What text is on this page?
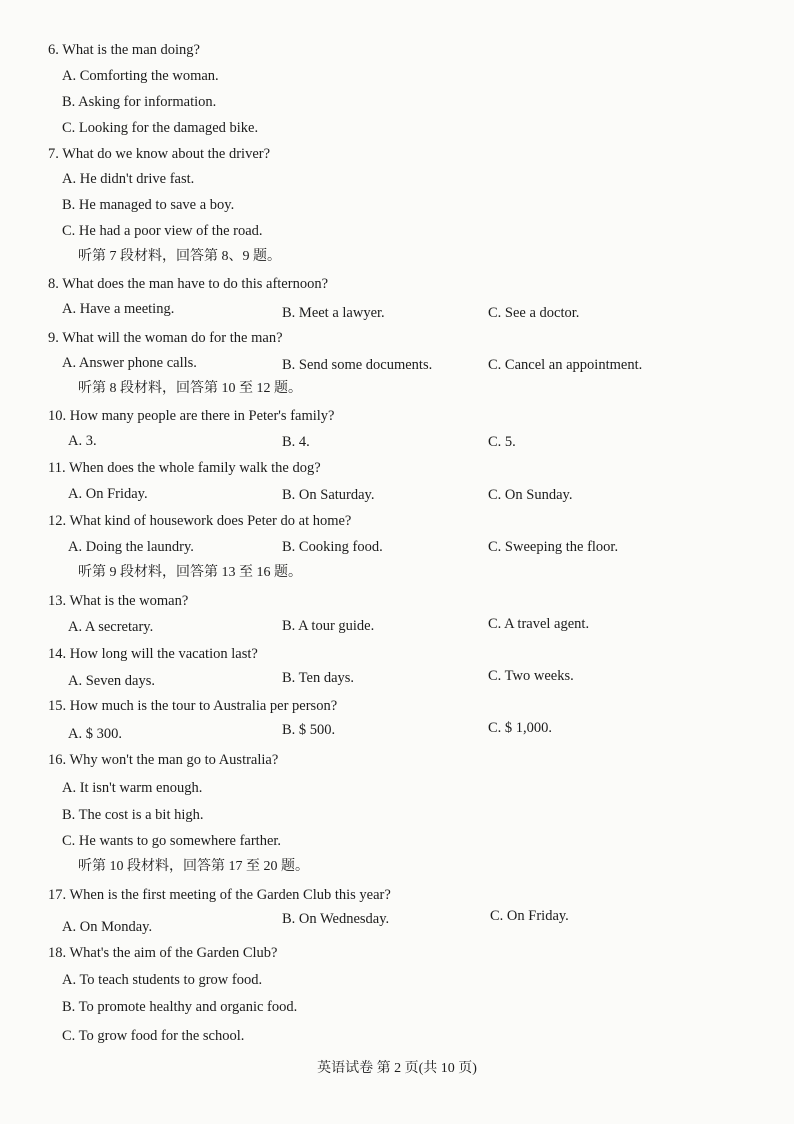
6. What is the man doing?
A. Comforting the woman.
B. Asking for information.
C. Looking for the damaged bike.
7. What do we know about the driver?
A. He didn't drive fast.
B. He managed to save a boy.
C. He had a poor view of the road.
听第 7 段材料，回答第 8、9 题。
8. What does the man have to do this afternoon?
A. Have a meeting.	B. Meet a lawyer.	C. See a doctor.
9. What will the woman do for the man?
A. Answer phone calls.	B. Send some documents.	C. Cancel an appointment.
听第 8 段材料，回答第 10 至 12 题。
10. How many people are there in Peter's family?
A. 3.	B. 4.	C. 5.
11. When does the whole family walk the dog?
A. On Friday.	B. On Saturday.	C. On Sunday.
12. What kind of housework does Peter do at home?
A. Doing the laundry.	B. Cooking food.	C. Sweeping the floor.
听第 9 段材料，回答第 13 至 16 题。
13. What is the woman?
A. A secretary.	B. A tour guide.	C. A travel agent.
14. How long will the vacation last?
A. Seven days.	B. Ten days.	C. Two weeks.
15. How much is the tour to Australia per person?
A. $ 300.	B. $ 500.	C. $ 1,000.
16. Why won't the man go to Australia?
A. It isn't warm enough.
B. The cost is a bit high.
C. He wants to go somewhere farther.
听第 10 段材料，回答第 17 至 20 题。
17. When is the first meeting of the Garden Club this year?
A. On Monday.	B. On Wednesday.	C. On Friday.
18. What's the aim of the Garden Club?
A. To teach students to grow food.
B. To promote healthy and organic food.
C. To grow food for the school.
英语试卷 第 2 页(共 10 页)
